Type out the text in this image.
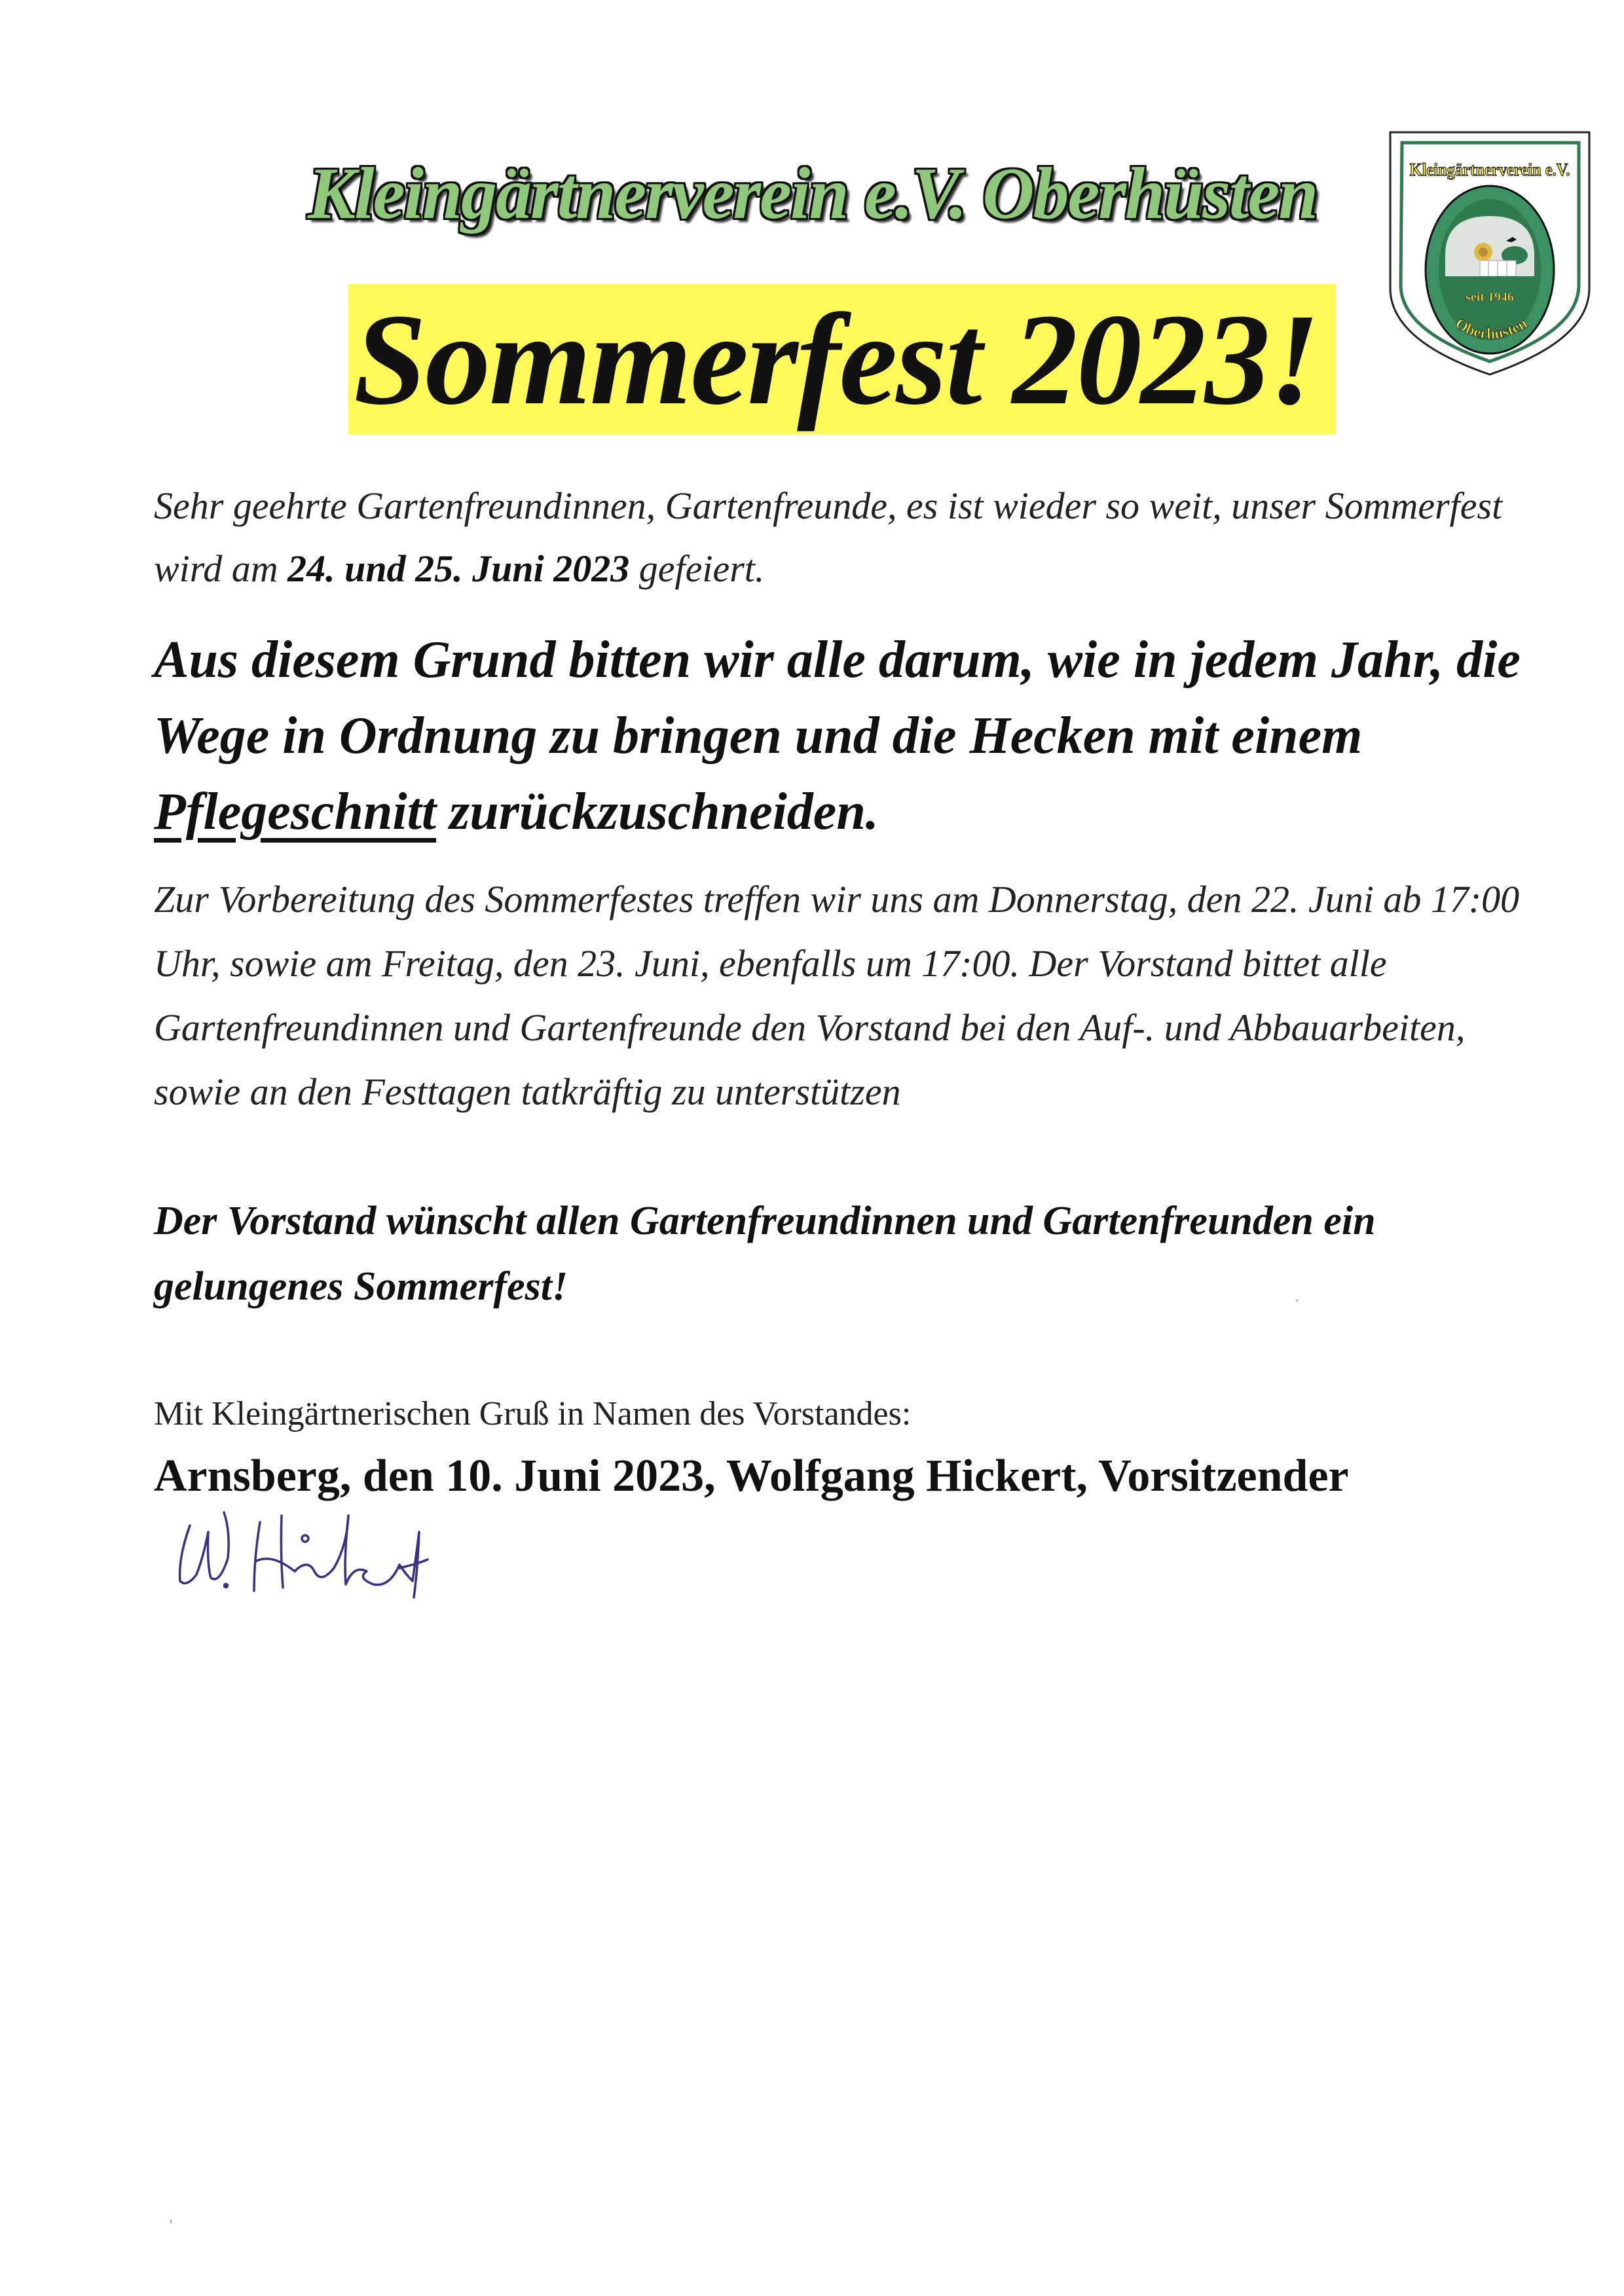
Kleingärtnerverein e.V. Oberhüsten
Sommerfest 2023!
Kleingärtnerverein e.V.
seit 1946
Oberhüsten
Sehr geehrte Gartenfreundinnen, Gartenfreunde, es ist wieder so weit, unser Sommerfest wird am 24. und 25. Juni 2023 gefeiert.
Aus diesem Grund bitten wir alle darum, wie in jedem Jahr, die Wege in Ordnung zu bringen und die Hecken mit einem Pflegeschnitt zurückzuschneiden.
Zur Vorbereitung des Sommerfestes treffen wir uns am Donnerstag, den 22. Juni ab 17:00 Uhr, sowie am Freitag, den 23. Juni, ebenfalls um 17:00. Der Vorstand bittet alle Gartenfreundinnen und Gartenfreunde den Vorstand bei den Auf-. und Abbauarbeiten, sowie an den Festtagen tatkräftig zu unterstützen
Der Vorstand wünscht allen Gartenfreundinnen und Gartenfreunden ein gelungenes Sommerfest!
Mit Kleingärtnerischen Gruß in Namen des Vorstandes:
Arnsberg, den 10. Juni 2023, Wolfgang Hickert, Vorsitzender
